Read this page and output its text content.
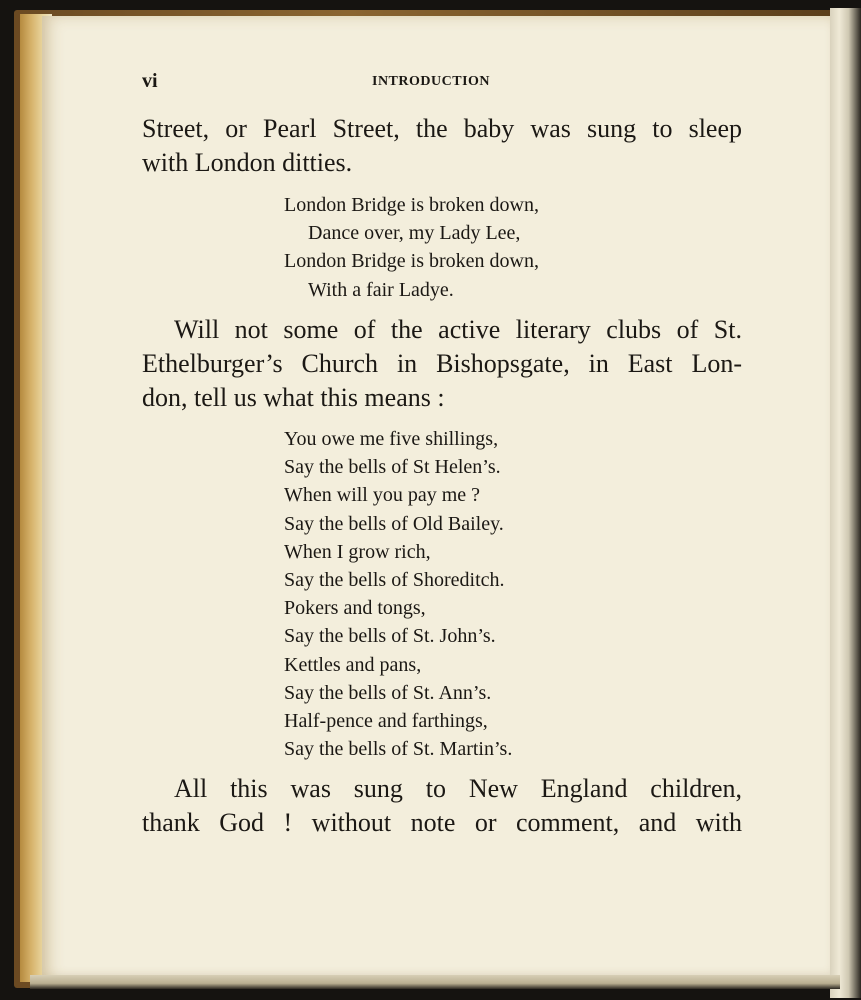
vi	INTRODUCTION

Street, or Pearl Street, the baby was sung to sleep
with London ditties.
London Bridge is broken down,
Dance over, my Lady Lee,
London Bridge is broken down,
With a fair Ladye.
Will not some of the active literary clubs of St.
Ethelburger’s Church in Bishopsgate, in East Lon-
don, tell us what this means :
You owe me five shillings,
Say the bells of St Helen’s.
When will you pay me ?
Say the bells of Old Bailey.
When I grow rich,
Say the bells of Shoreditch.
Pokers and tongs,
Say the bells of St. John’s.
Kettles and pans,
Say the bells of St. Ann’s.
Half-pence and farthings,
Say the bells of St. Martin’s.
All this was sung to New England children,
thank God ! without note or comment, and with
